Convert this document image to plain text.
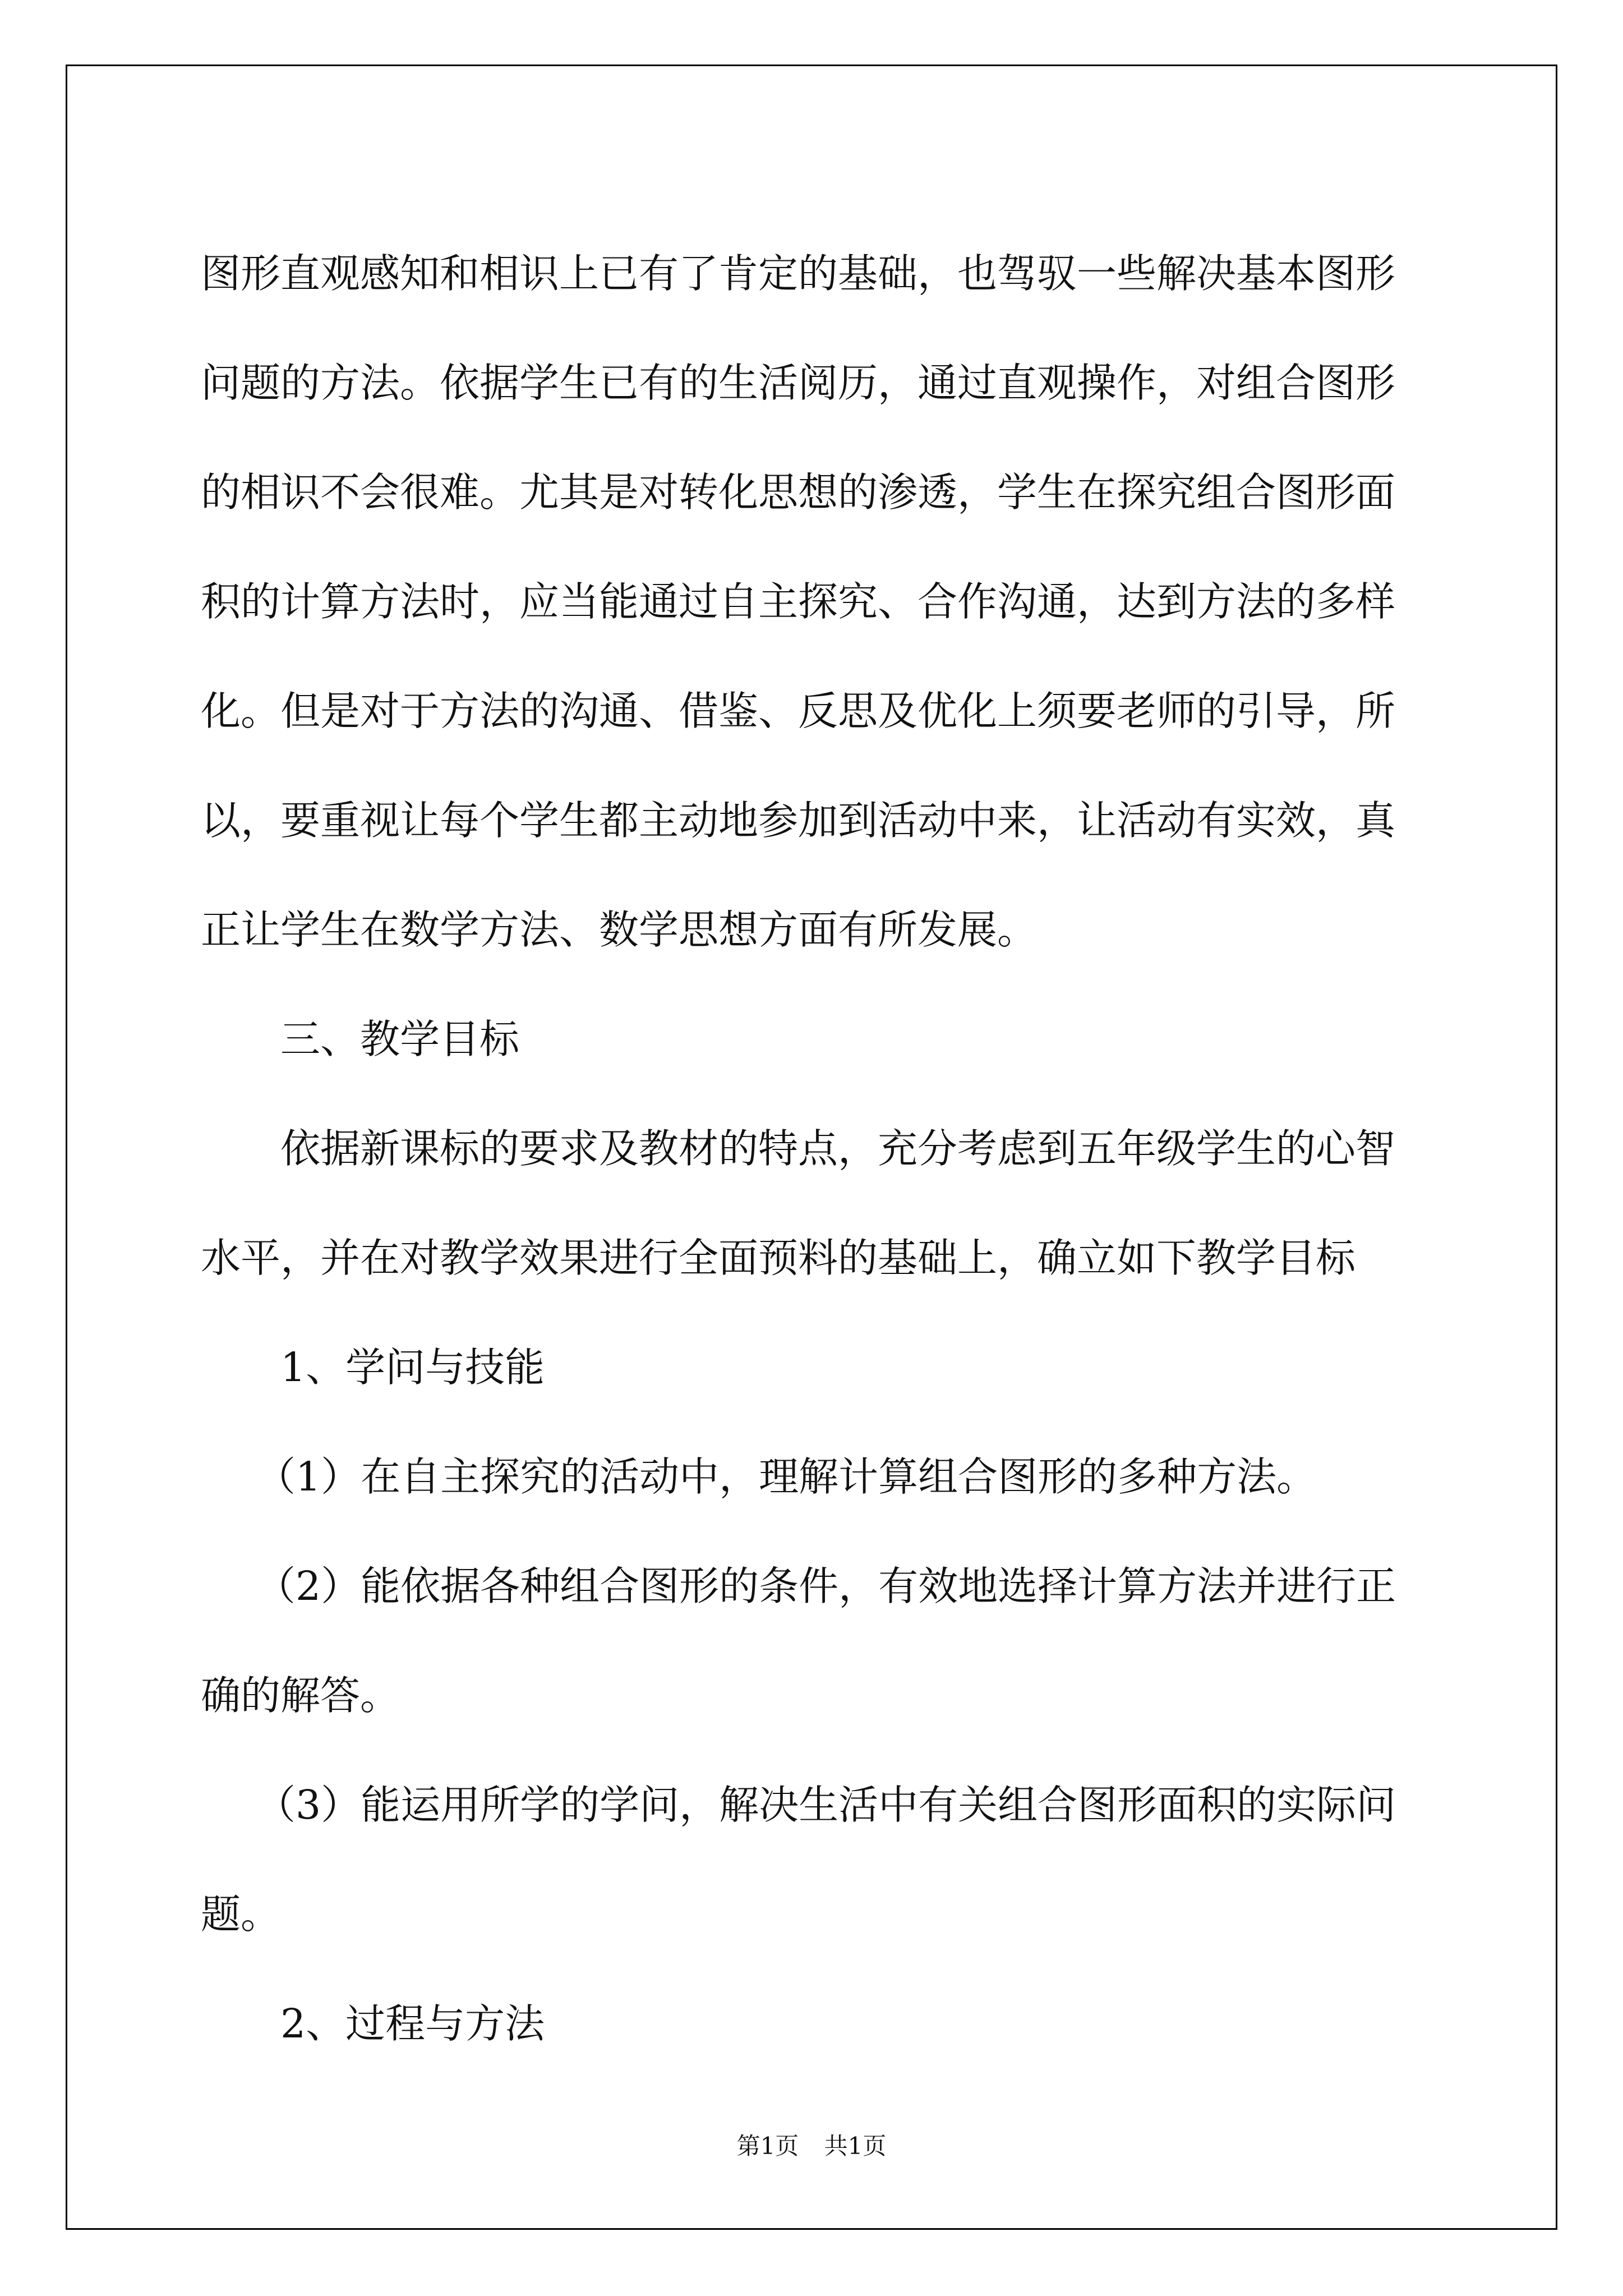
图形直观感知和相识上已有了肯定的基础，也驾驭一些解决基本图形

问题的方法。依据学生已有的生活阅历，通过直观操作，对组合图形

的相识不会很难。尤其是对转化思想的渗透，学生在探究组合图形面

积的计算方法时，应当能通过自主探究、合作沟通，达到方法的多样

化。但是对于方法的沟通、借鉴、反思及优化上须要老师的引导，所

以，要重视让每个学生都主动地参加到活动中来，让活动有实效，真

正让学生在数学方法、数学思想方面有所发展。

三、教学目标

依据新课标的要求及教材的特点，充分考虑到五年级学生的心智

水平，并在对教学效果进行全面预料的基础上，确立如下教学目标

1、学问与技能

（1）在自主探究的活动中，理解计算组合图形的多种方法。

（2）能依据各种组合图形的条件，有效地选择计算方法并进行正

确的解答。

（3）能运用所学的学问，解决生活中有关组合图形面积的实际问

题。

2、过程与方法

第1页 共1页
